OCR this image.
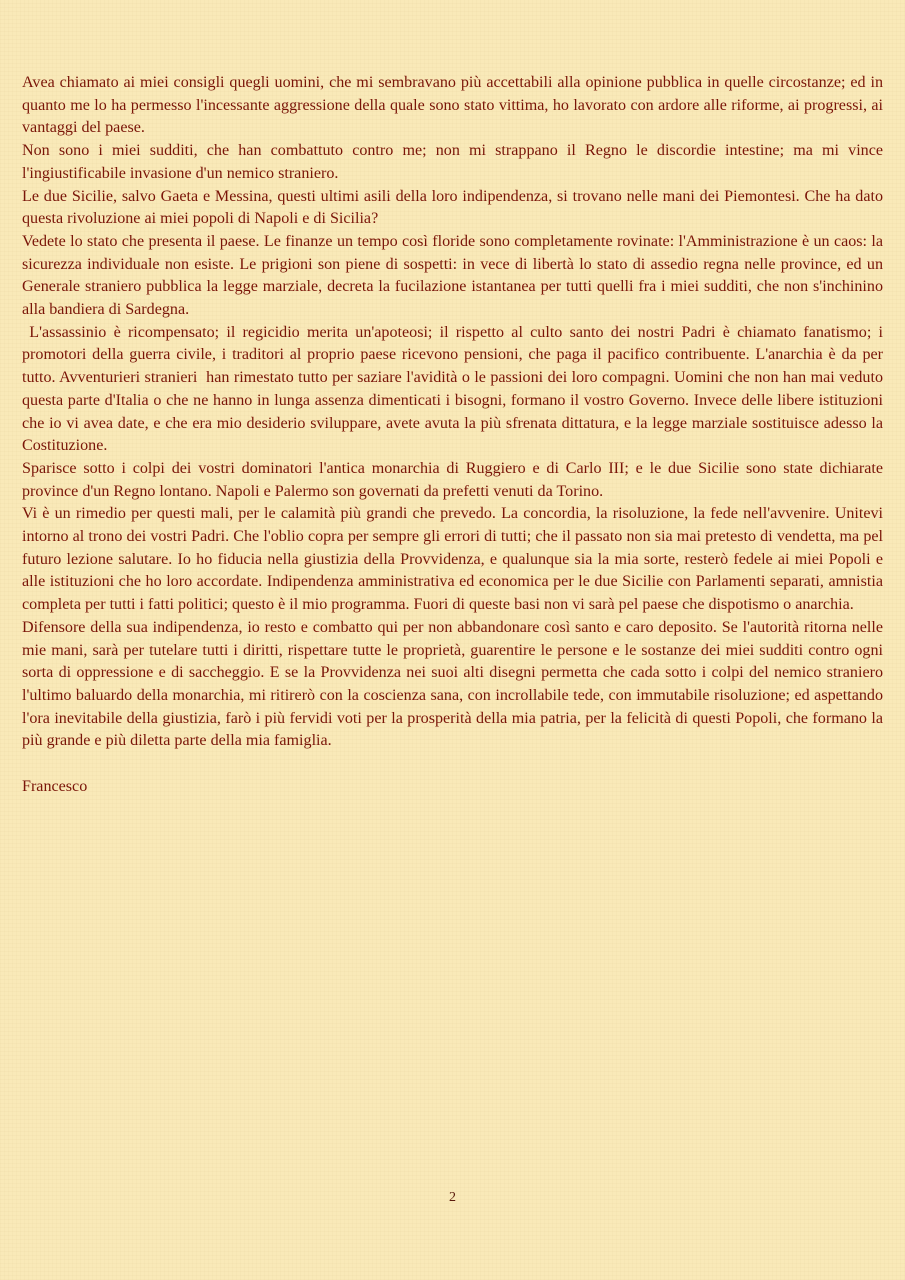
Avea chiamato ai miei consigli quegli uomini, che mi sembravano più accettabili alla opinione pubblica in quelle circostanze; ed in quanto me lo ha permesso l'incessante aggressione della quale sono stato vittima, ho lavorato con ardore alle riforme, ai progressi, ai vantaggi del paese.

Non sono i miei sudditi, che han combattuto contro me; non mi strappano il Regno le discordie intestine; ma mi vince l'ingiustificabile invasione d'un nemico straniero.

Le due Sicilie, salvo Gaeta e Messina, questi ultimi asili della loro indipendenza, si trovano nelle mani dei Piemontesi. Che ha dato questa rivoluzione ai miei popoli di Napoli e di Sicilia?

Vedete lo stato che presenta il paese. Le finanze un tempo così floride sono completamente rovinate: l'Amministrazione è un caos: la sicurezza individuale non esiste. Le prigioni son piene di sospetti: in vece di libertà lo stato di assedio regna nelle province, ed un Generale straniero pubblica la legge marziale, decreta la fucilazione istantanea per tutti quelli fra i miei sudditi, che non s'inchinino alla bandiera di Sardegna.

L'assassinio è ricompensato; il regicidio merita un'apoteosi; il rispetto al culto santo dei nostri Padri è chiamato fanatismo; i promotori della guerra civile, i traditori al proprio paese ricevono pensioni, che paga il pacifico contribuente. L'anarchia è da per tutto. Avventurieri stranieri  han rimestato tutto per saziare l'avidità o le passioni dei loro compagni. Uomini che non han mai veduto questa parte d'Italia o che ne hanno in lunga assenza dimenticati i bisogni, formano il vostro Governo. Invece delle libere istituzioni che io vi avea date, e che era mio desiderio sviluppare, avete avuta la più sfrenata dittatura, e la legge marziale sostituisce adesso la Costituzione.

Sparisce sotto i colpi dei vostri dominatori l'antica monarchia di Ruggiero e di Carlo III; e le due Sicilie sono state dichiarate province d'un Regno lontano. Napoli e Palermo son governati da prefetti venuti da Torino.

Vi è un rimedio per questi mali, per le calamità più grandi che prevedo. La concordia, la risoluzione, la fede nell'avvenire. Unitevi intorno al trono dei vostri Padri. Che l'oblio copra per sempre gli errori di tutti; che il passato non sia mai pretesto di vendetta, ma pel futuro lezione salutare. Io ho fiducia nella giustizia della Provvidenza, e qualunque sia la mia sorte, resterò fedele ai miei Popoli e alle istituzioni che ho loro accordate. Indipendenza amministrativa ed economica per le due Sicilie con Parlamenti separati, amnistia completa per tutti i fatti politici; questo è il mio programma. Fuori di queste basi non vi sarà pel paese che dispotismo o anarchia.

Difensore della sua indipendenza, io resto e combatto qui per non abbandonare così santo e caro deposito. Se l'autorità ritorna nelle mie mani, sarà per tutelare tutti i diritti, rispettare tutte le proprietà, guarentire le persone e le sostanze dei miei sudditi contro ogni sorta di oppressione e di saccheggio. E se la Provvidenza nei suoi alti disegni permetta che cada sotto i colpi del nemico straniero l'ultimo baluardo della monarchia, mi ritirerò con la coscienza sana, con incrollabile tede, con immutabile risoluzione; ed aspettando l'ora inevitabile della giustizia, farò i più fervidi voti per la prosperità della mia patria, per la felicità di questi Popoli, che formano la più grande e più diletta parte della mia famiglia.

Francesco

2
